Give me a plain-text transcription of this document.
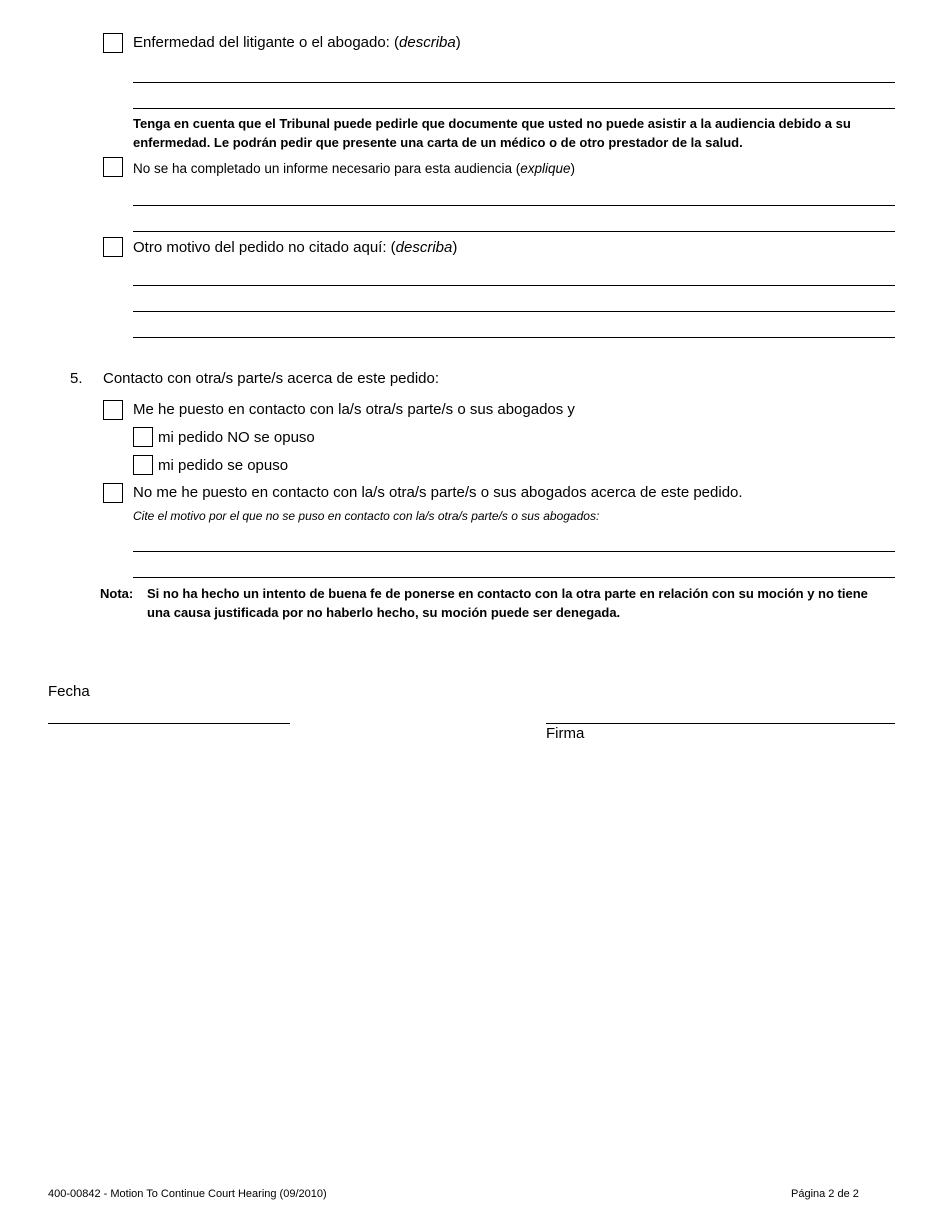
Enfermedad del litigante o el abogado: (describa)
Tenga en cuenta que el Tribunal puede pedirle que documente que usted no puede asistir a la audiencia debido a su
enfermedad. Le podrán pedir que presente una carta de un médico o de otro prestador de la salud.
No se ha completado un informe necesario para esta audiencia (explique)
Otro motivo del pedido no citado aquí: (describa)
5. Contacto con otra/s parte/s acerca de este pedido:
Me he puesto en contacto con la/s otra/s parte/s o sus abogados y
mi pedido NO se opuso
mi pedido se opuso
No me he puesto en contacto con la/s otra/s parte/s o sus abogados acerca de este pedido.
Cite el motivo por el que no se puso en contacto con la/s otra/s parte/s o sus abogados:
Nota: Si no ha hecho un intento de buena fe de ponerse en contacto con la otra parte en relación con su moción y no tiene
una causa justificada por no haberlo hecho, su moción puede ser denegada.
Fecha
Firma
400-00842 - Motion To Continue Court Hearing (09/2010)	Página 2 de 2
